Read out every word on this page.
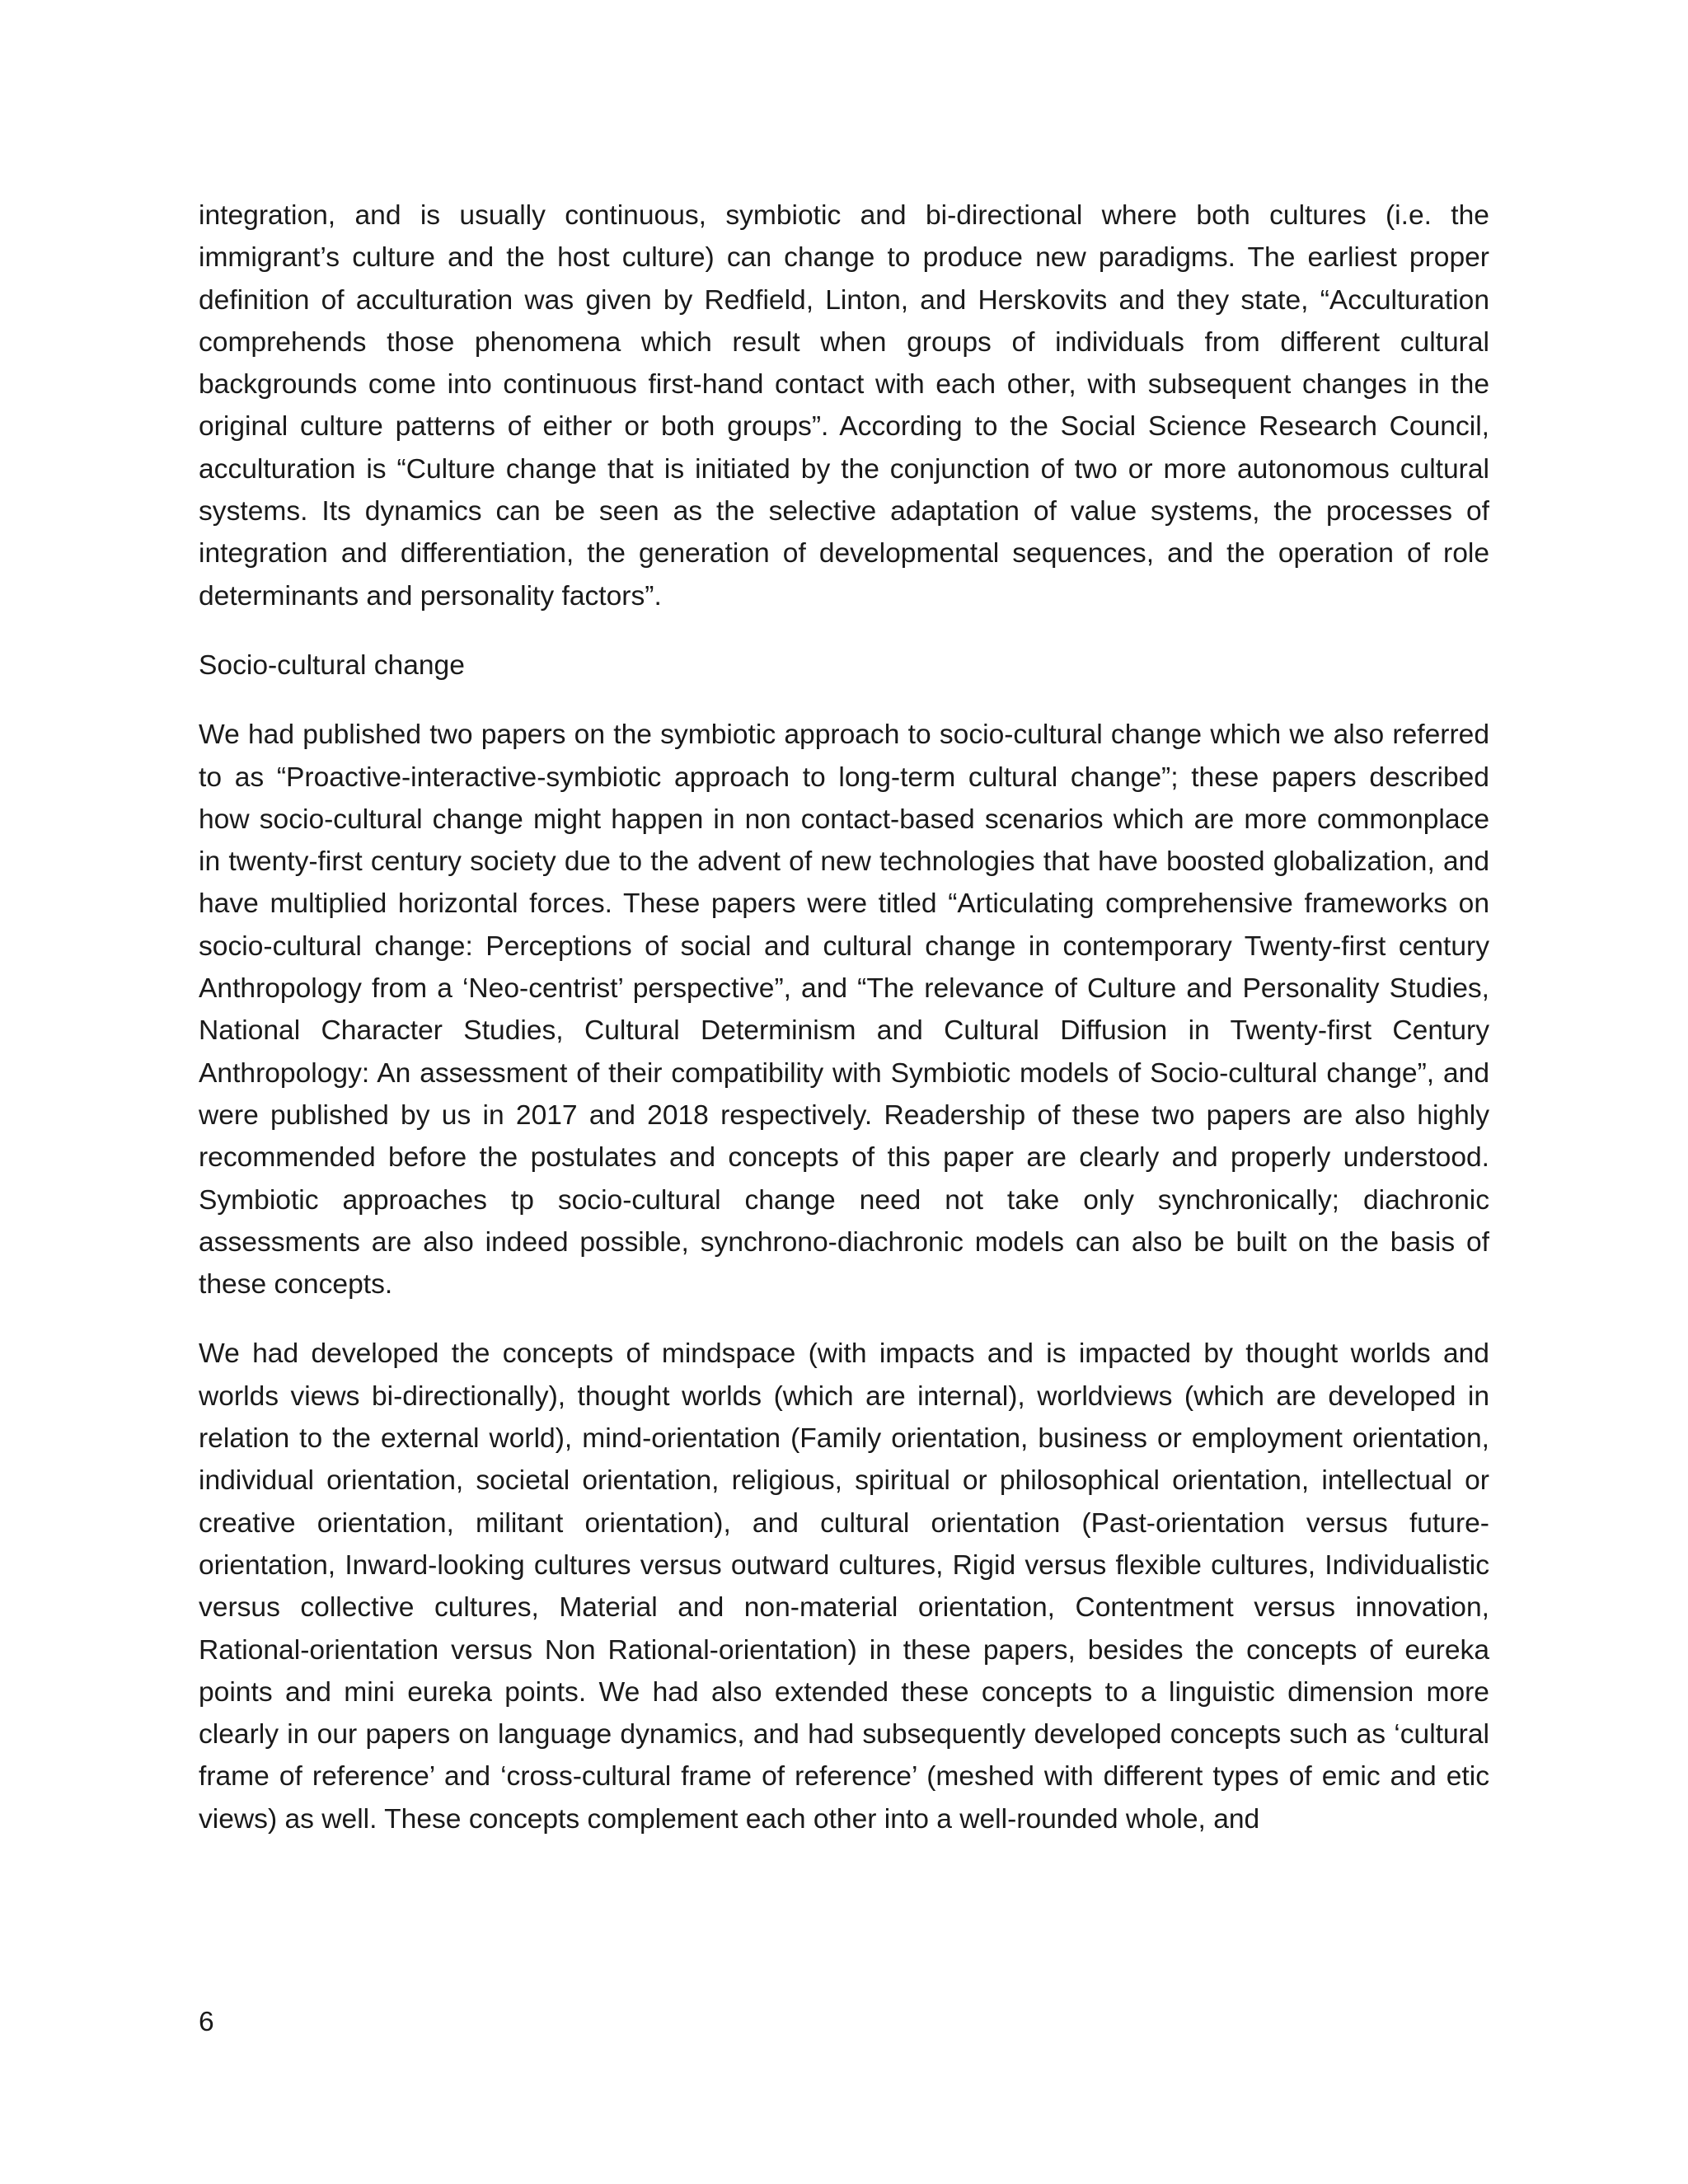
integration, and is usually continuous, symbiotic and bi-directional where both cultures (i.e. the immigrant’s culture and the host culture) can change to produce new paradigms. The earliest proper definition of acculturation was given by Redfield, Linton, and Herskovits and they state, “Acculturation comprehends those phenomena which result when groups of individuals from different cultural backgrounds come into continuous first-hand contact with each other, with subsequent changes in the original culture patterns of either or both groups”. According to the Social Science Research Council, acculturation is “Culture change that is initiated by the conjunction of two or more autonomous cultural systems. Its dynamics can be seen as the selective adaptation of value systems, the processes of integration and differentiation, the generation of developmental sequences, and the operation of role determinants and personality factors”.

Socio-cultural change

We had published two papers on the symbiotic approach to socio-cultural change which we also referred to as “Proactive-interactive-symbiotic approach to long-term cultural change”; these papers described how socio-cultural change might happen in non contact-based scenarios which are more commonplace in twenty-first century society due to the advent of new technologies that have boosted globalization, and have multiplied horizontal forces. These papers were titled “Articulating comprehensive frameworks on socio-cultural change: Perceptions of social and cultural change in contemporary Twenty-first century Anthropology from a ‘Neo-centrist’ perspective”, and “The relevance of Culture and Personality Studies, National Character Studies, Cultural Determinism and Cultural Diffusion in Twenty-first Century Anthropology: An assessment of their compatibility with Symbiotic models of Socio-cultural change”, and were published by us in 2017 and 2018 respectively. Readership of these two papers are also highly recommended before the postulates and concepts of this paper are clearly and properly understood. Symbiotic approaches tp socio-cultural change need not take only synchronically; diachronic assessments are also indeed possible, synchrono-diachronic models can also be built on the basis of these concepts.

We had developed the concepts of mindspace (with impacts and is impacted by thought worlds and worlds views bi-directionally), thought worlds (which are internal), worldviews (which are developed in relation to the external world), mind-orientation (Family orientation, business or employment orientation, individual orientation, societal orientation, religious, spiritual or philosophical orientation, intellectual or creative orientation, militant orientation), and cultural orientation (Past-orientation versus future-orientation, Inward-looking cultures versus outward cultures, Rigid versus flexible cultures, Individualistic versus collective cultures, Material and non-material orientation, Contentment versus innovation, Rational-orientation versus Non Rational-orientation) in these papers, besides the concepts of eureka points and mini eureka points. We had also extended these concepts to a linguistic dimension more clearly in our papers on language dynamics, and had subsequently developed concepts such as ‘cultural frame of reference’ and ‘cross-cultural frame of reference’ (meshed with different types of emic and etic views) as well. These concepts complement each other into a well-rounded whole, and

6
